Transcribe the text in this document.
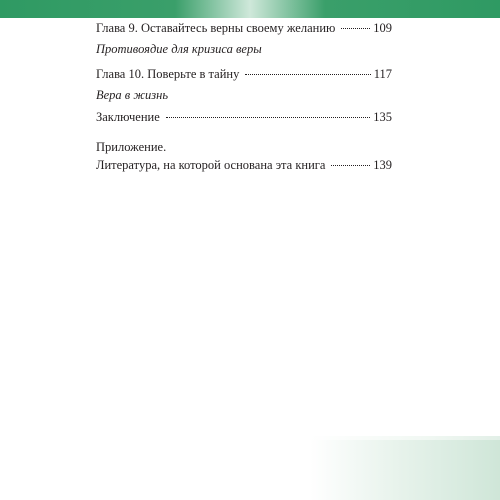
Глава 9. Оставайтесь верны своему желанию	109
Противоядие для кризиса веры
Глава 10. Поверьте в тайну	117
Вера в жизнь
Заключение	135
Приложение.
Литература, на которой основана эта книга	139
